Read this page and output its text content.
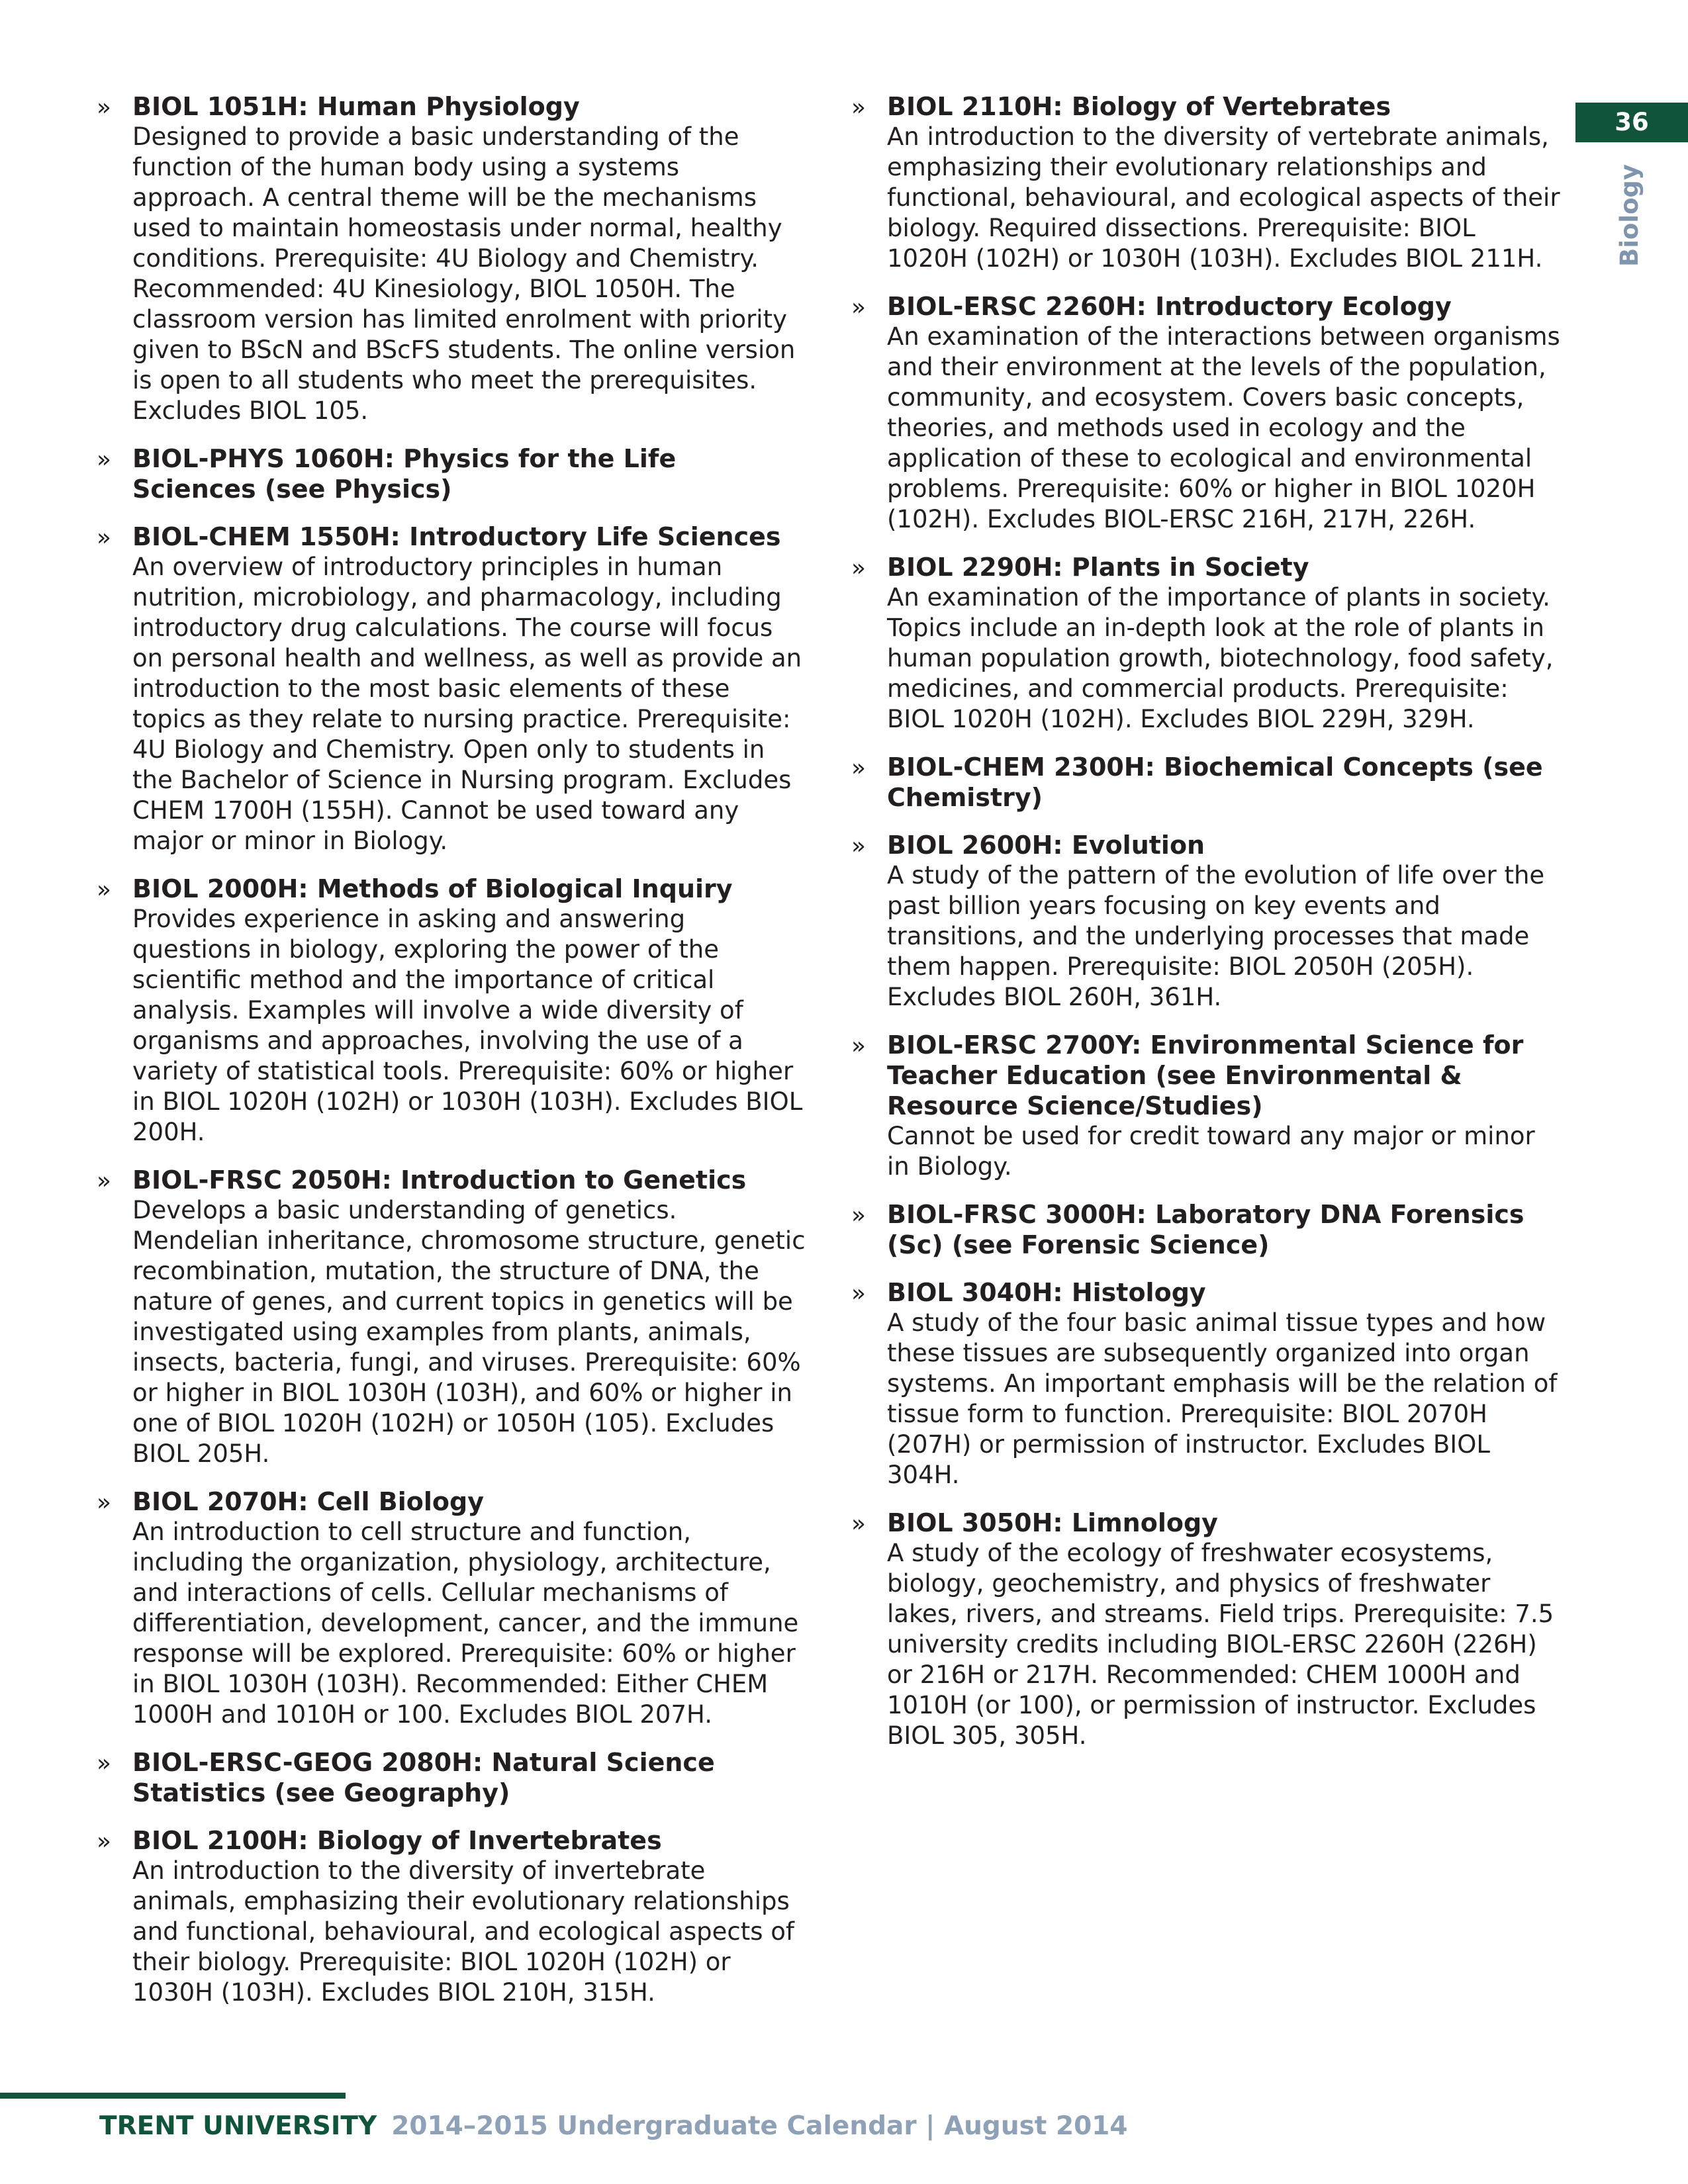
36
Biology
» BIOL 1051H: Human Physiology
Designed to provide a basic understanding of the function of the human body using a systems approach. A central theme will be the mechanisms used to maintain homeostasis under normal, healthy conditions. Prerequisite: 4U Biology and Chemistry. Recommended: 4U Kinesiology, BIOL 1050H. The classroom version has limited enrolment with priority given to BScN and BScFS students. The online version is open to all students who meet the prerequisites. Excludes BIOL 105.
» BIOL-PHYS 1060H: Physics for the Life Sciences (see Physics)
» BIOL-CHEM 1550H: Introductory Life Sciences
An overview of introductory principles in human nutrition, microbiology, and pharmacology, including introductory drug calculations. The course will focus on personal health and wellness, as well as provide an introduction to the most basic elements of these topics as they relate to nursing practice. Prerequisite: 4U Biology and Chemistry. Open only to students in the Bachelor of Science in Nursing program. Excludes CHEM 1700H (155H). Cannot be used toward any major or minor in Biology.
» BIOL 2000H: Methods of Biological Inquiry
Provides experience in asking and answering questions in biology, exploring the power of the scientific method and the importance of critical analysis. Examples will involve a wide diversity of organisms and approaches, involving the use of a variety of statistical tools. Prerequisite: 60% or higher in BIOL 1020H (102H) or 1030H (103H). Excludes BIOL 200H.
» BIOL-FRSC 2050H: Introduction to Genetics
Develops a basic understanding of genetics. Mendelian inheritance, chromosome structure, genetic recombination, mutation, the structure of DNA, the nature of genes, and current topics in genetics will be investigated using examples from plants, animals, insects, bacteria, fungi, and viruses. Prerequisite: 60% or higher in BIOL 1030H (103H), and 60% or higher in one of BIOL 1020H (102H) or 1050H (105). Excludes BIOL 205H.
» BIOL 2070H: Cell Biology
An introduction to cell structure and function, including the organization, physiology, architecture, and interactions of cells. Cellular mechanisms of differentiation, development, cancer, and the immune response will be explored. Prerequisite: 60% or higher in BIOL 1030H (103H). Recommended: Either CHEM 1000H and 1010H or 100. Excludes BIOL 207H.
» BIOL-ERSC-GEOG 2080H: Natural Science Statistics (see Geography)
» BIOL 2100H: Biology of Invertebrates
An introduction to the diversity of invertebrate animals, emphasizing their evolutionary relationships and functional, behavioural, and ecological aspects of their biology. Prerequisite: BIOL 1020H (102H) or 1030H (103H). Excludes BIOL 210H, 315H.
» BIOL 2110H: Biology of Vertebrates
An introduction to the diversity of vertebrate animals, emphasizing their evolutionary relationships and functional, behavioural, and ecological aspects of their biology. Required dissections. Prerequisite: BIOL 1020H (102H) or 1030H (103H). Excludes BIOL 211H.
» BIOL-ERSC 2260H: Introductory Ecology
An examination of the interactions between organisms and their environment at the levels of the population, community, and ecosystem. Covers basic concepts, theories, and methods used in ecology and the application of these to ecological and environmental problems. Prerequisite: 60% or higher in BIOL 1020H (102H). Excludes BIOL-ERSC 216H, 217H, 226H.
» BIOL 2290H: Plants in Society
An examination of the importance of plants in society. Topics include an in-depth look at the role of plants in human population growth, biotechnology, food safety, medicines, and commercial products. Prerequisite: BIOL 1020H (102H). Excludes BIOL 229H, 329H.
» BIOL-CHEM 2300H: Biochemical Concepts (see Chemistry)
» BIOL 2600H: Evolution
A study of the pattern of the evolution of life over the past billion years focusing on key events and transitions, and the underlying processes that made them happen. Prerequisite: BIOL 2050H (205H). Excludes BIOL 260H, 361H.
» BIOL-ERSC 2700Y: Environmental Science for Teacher Education (see Environmental & Resource Science/Studies)
Cannot be used for credit toward any major or minor in Biology.
» BIOL-FRSC 3000H: Laboratory DNA Forensics (Sc) (see Forensic Science)
» BIOL 3040H: Histology
A study of the four basic animal tissue types and how these tissues are subsequently organized into organ systems. An important emphasis will be the relation of tissue form to function. Prerequisite: BIOL 2070H (207H) or permission of instructor. Excludes BIOL 304H.
» BIOL 3050H: Limnology
A study of the ecology of freshwater ecosystems, biology, geochemistry, and physics of freshwater lakes, rivers, and streams. Field trips. Prerequisite: 7.5 university credits including BIOL-ERSC 2260H (226H) or 216H or 217H. Recommended: CHEM 1000H and 1010H (or 100), or permission of instructor. Excludes BIOL 305, 305H.
TRENT UNIVERSITY 2014–2015 Undergraduate Calendar | August 2014
